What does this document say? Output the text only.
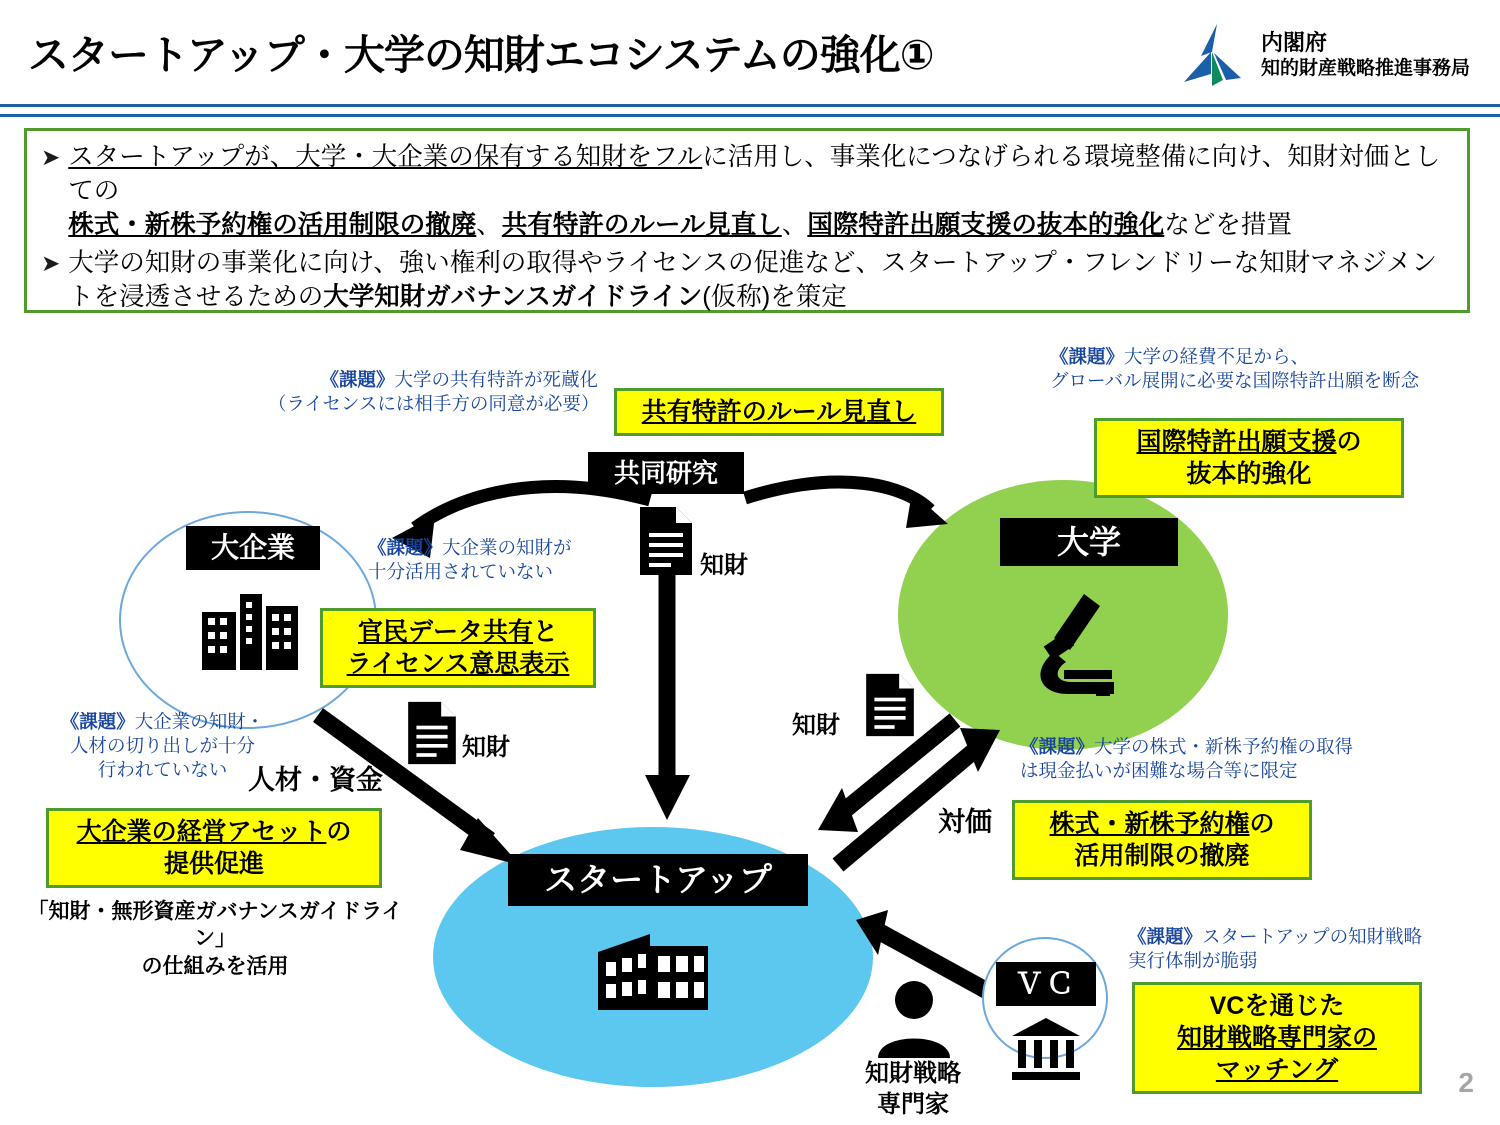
スタートアップ・大学の知財エコシステムの強化①	内閣府
知的財産戦略推進事務局
➤ スタートアップが、大学・大企業の保有する知財をフルに活用し、事業化につなげられる環境整備に向け、知財対価としての
株式・新株予約権の活用制限の撤廃、共有特許のルール見直し、国際特許出願支援の抜本的強化などを措置
➤ 大学の知財の事業化に向け、強い権利の取得やライセンスの促進など、スタートアップ・フレンドリーな知財マネジメントを浸透させるための大学知財ガバナンスガイドライン(仮称)を策定
《課題》大学の共有特許が死蔵化
（ライセンスには相手方の同意が必要）	共有特許のルール見直し
《課題》大学の経費不足から、
グローバル展開に必要な国際特許出願を断念
国際特許出願支援の
抜本的強化
共同研究
大企業	《課題》大企業の知財が
十分活用されていない
官民データ共有と
ライセンス意思表示
知財
大学
《課題》大企業の知財・
人材の切り出しが十分
行われていない
大企業の経営アセットの
提供促進
「知財・無形資産ガバナンスガイドライン」
の仕組みを活用
知財
人材・資金
知財
対価
《課題》大学の株式・新株予約権の取得
は現金払いが困難な場合等に限定
株式・新株予約権の
活用制限の撤廃
スタートアップ
知財戦略
専門家
ＶＣ
《課題》スタートアップの知財戦略
実行体制が脆弱
VCを通じた
知財戦略専門家の
マッチング	2
